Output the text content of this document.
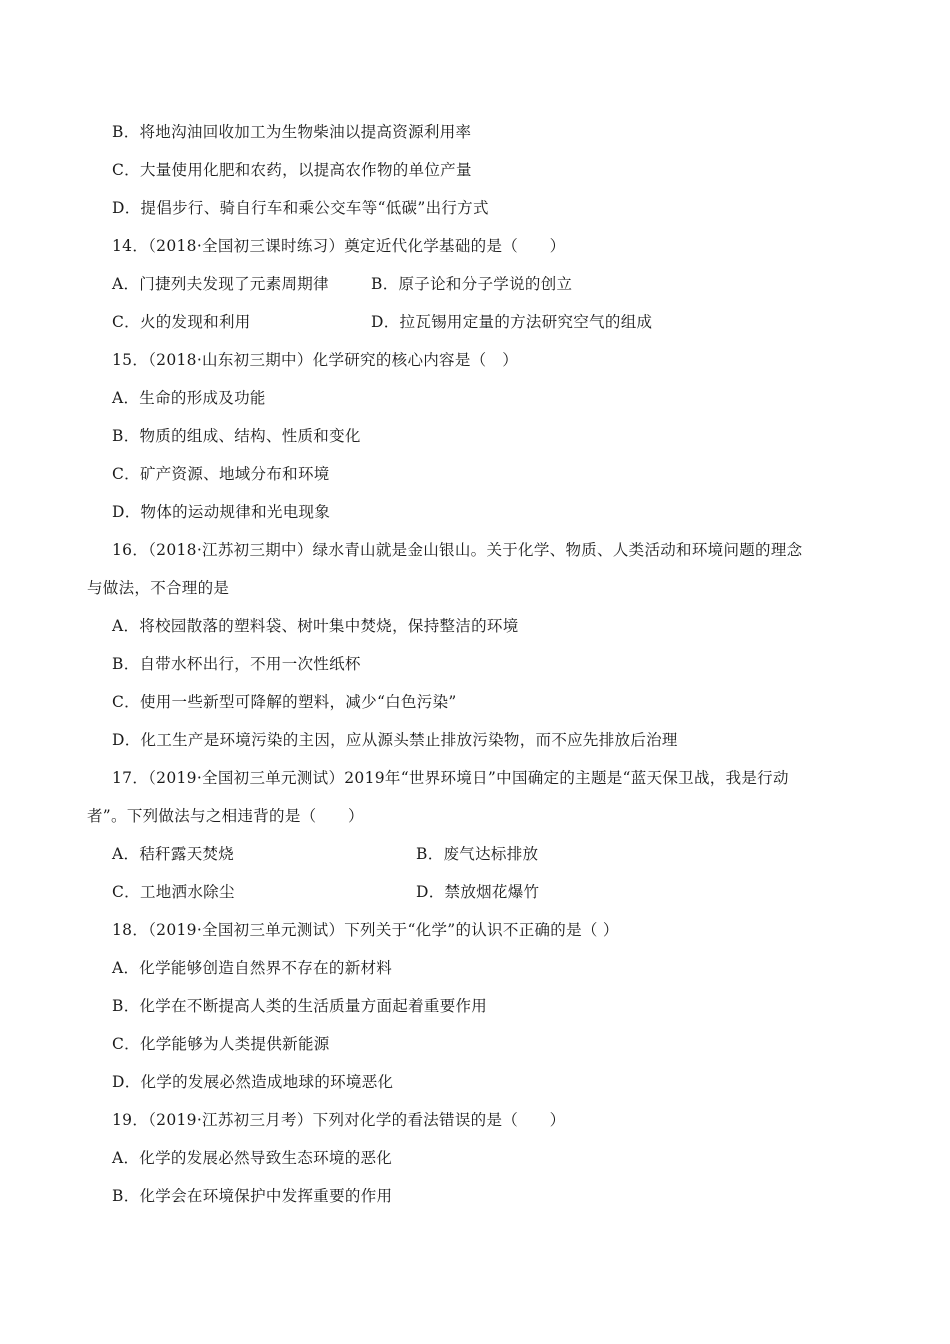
B．将地沟油回收加工为生物柴油以提高资源利用率
C．大量使用化肥和农药，以提高农作物的单位产量
D．提倡步行、骑自行车和乘公交车等“低碳”出行方式
14．（2018·全国初三课时练习）奠定近代化学基础的是（　　）
A．门捷列夫发现了元素周期律	B．原子论和分子学说的创立
C．火的发现和利用	D．拉瓦锡用定量的方法研究空气的组成
15．（2018·山东初三期中）化学研究的核心内容是（　）
A．生命的形成及功能
B．物质的组成、结构、性质和变化
C．矿产资源、地域分布和环境
D．物体的运动规律和光电现象
16．（2018·江苏初三期中）绿水青山就是金山银山。关于化学、物质、人类活动和环境问题的理念
与做法，不合理的是
A．将校园散落的塑料袋、树叶集中焚烧，保持整洁的环境
B．自带水杯出行，不用一次性纸杯
C．使用一些新型可降解的塑料，减少“白色污染”
D．化工生产是环境污染的主因，应从源头禁止排放污染物，而不应先排放后治理
17．（2019·全国初三单元测试）2019年“世界环境日”中国确定的主题是“蓝天保卫战，我是行动
者”。下列做法与之相违背的是（　　）
A．秸秆露天焚烧	B．废气达标排放
C．工地洒水除尘	D．禁放烟花爆竹
18．（2019·全国初三单元测试）下列关于“化学”的认识不正确的是（ ）
A．化学能够创造自然界不存在的新材料
B．化学在不断提高人类的生活质量方面起着重要作用
C．化学能够为人类提供新能源
D．化学的发展必然造成地球的环境恶化
19．（2019·江苏初三月考）下列对化学的看法错误的是（　　）
A．化学的发展必然导致生态环境的恶化
B．化学会在环境保护中发挥重要的作用
